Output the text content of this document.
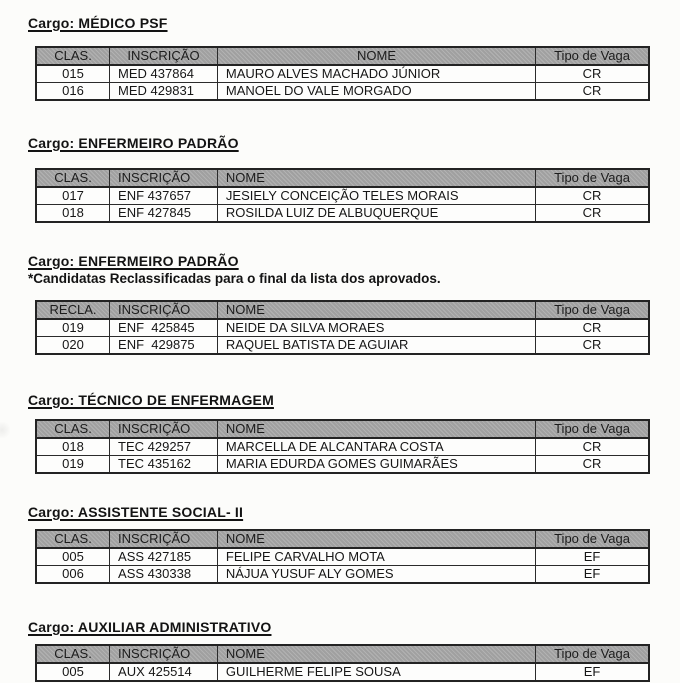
Cargo: MÉDICO PSF
CLAS.	INSCRIÇÃO	NOME	Tipo de Vaga
015	MED 437864	MAURO ALVES MACHADO JÚNIOR	CR
016	MED 429831	MANOEL DO VALE MORGADO	CR
Cargo: ENFERMEIRO PADRÃO
CLAS.	INSCRIÇÃO	NOME	Tipo de Vaga
017	ENF 437657	JESIELY CONCEIÇÃO TELES MORAIS	CR
018	ENF 427845	ROSILDA LUIZ DE ALBUQUERQUE	CR
Cargo: ENFERMEIRO PADRÃO

*Candidatas Reclassificadas para o final da lista dos aprovados.

RECLA.	INSCRIÇÃO	NOME	Tipo de Vaga
019	ENF  425845	NEIDE DA SILVA MORAES	CR
020	ENF  429875	RAQUEL BATISTA DE AGUIAR	CR
Cargo: TÉCNICO DE ENFERMAGEM
CLAS.	INSCRIÇÃO	NOME	Tipo de Vaga
018	TEC 429257	MARCELLA DE ALCANTARA COSTA	CR
019	TEC 435162	MARIA EDURDA GOMES GUIMARÃES	CR
Cargo: ASSISTENTE SOCIAL- II
CLAS.	INSCRIÇÃO	NOME	Tipo de Vaga
005	ASS 427185	FELIPE CARVALHO MOTA	EF
006	ASS 430338	NÁJUA YUSUF ALY GOMES	EF
Cargo: AUXILIAR ADMINISTRATIVO
CLAS.	INSCRIÇÃO	NOME	Tipo de Vaga
005	AUX 425514	GUILHERME FELIPE SOUSA	EF
